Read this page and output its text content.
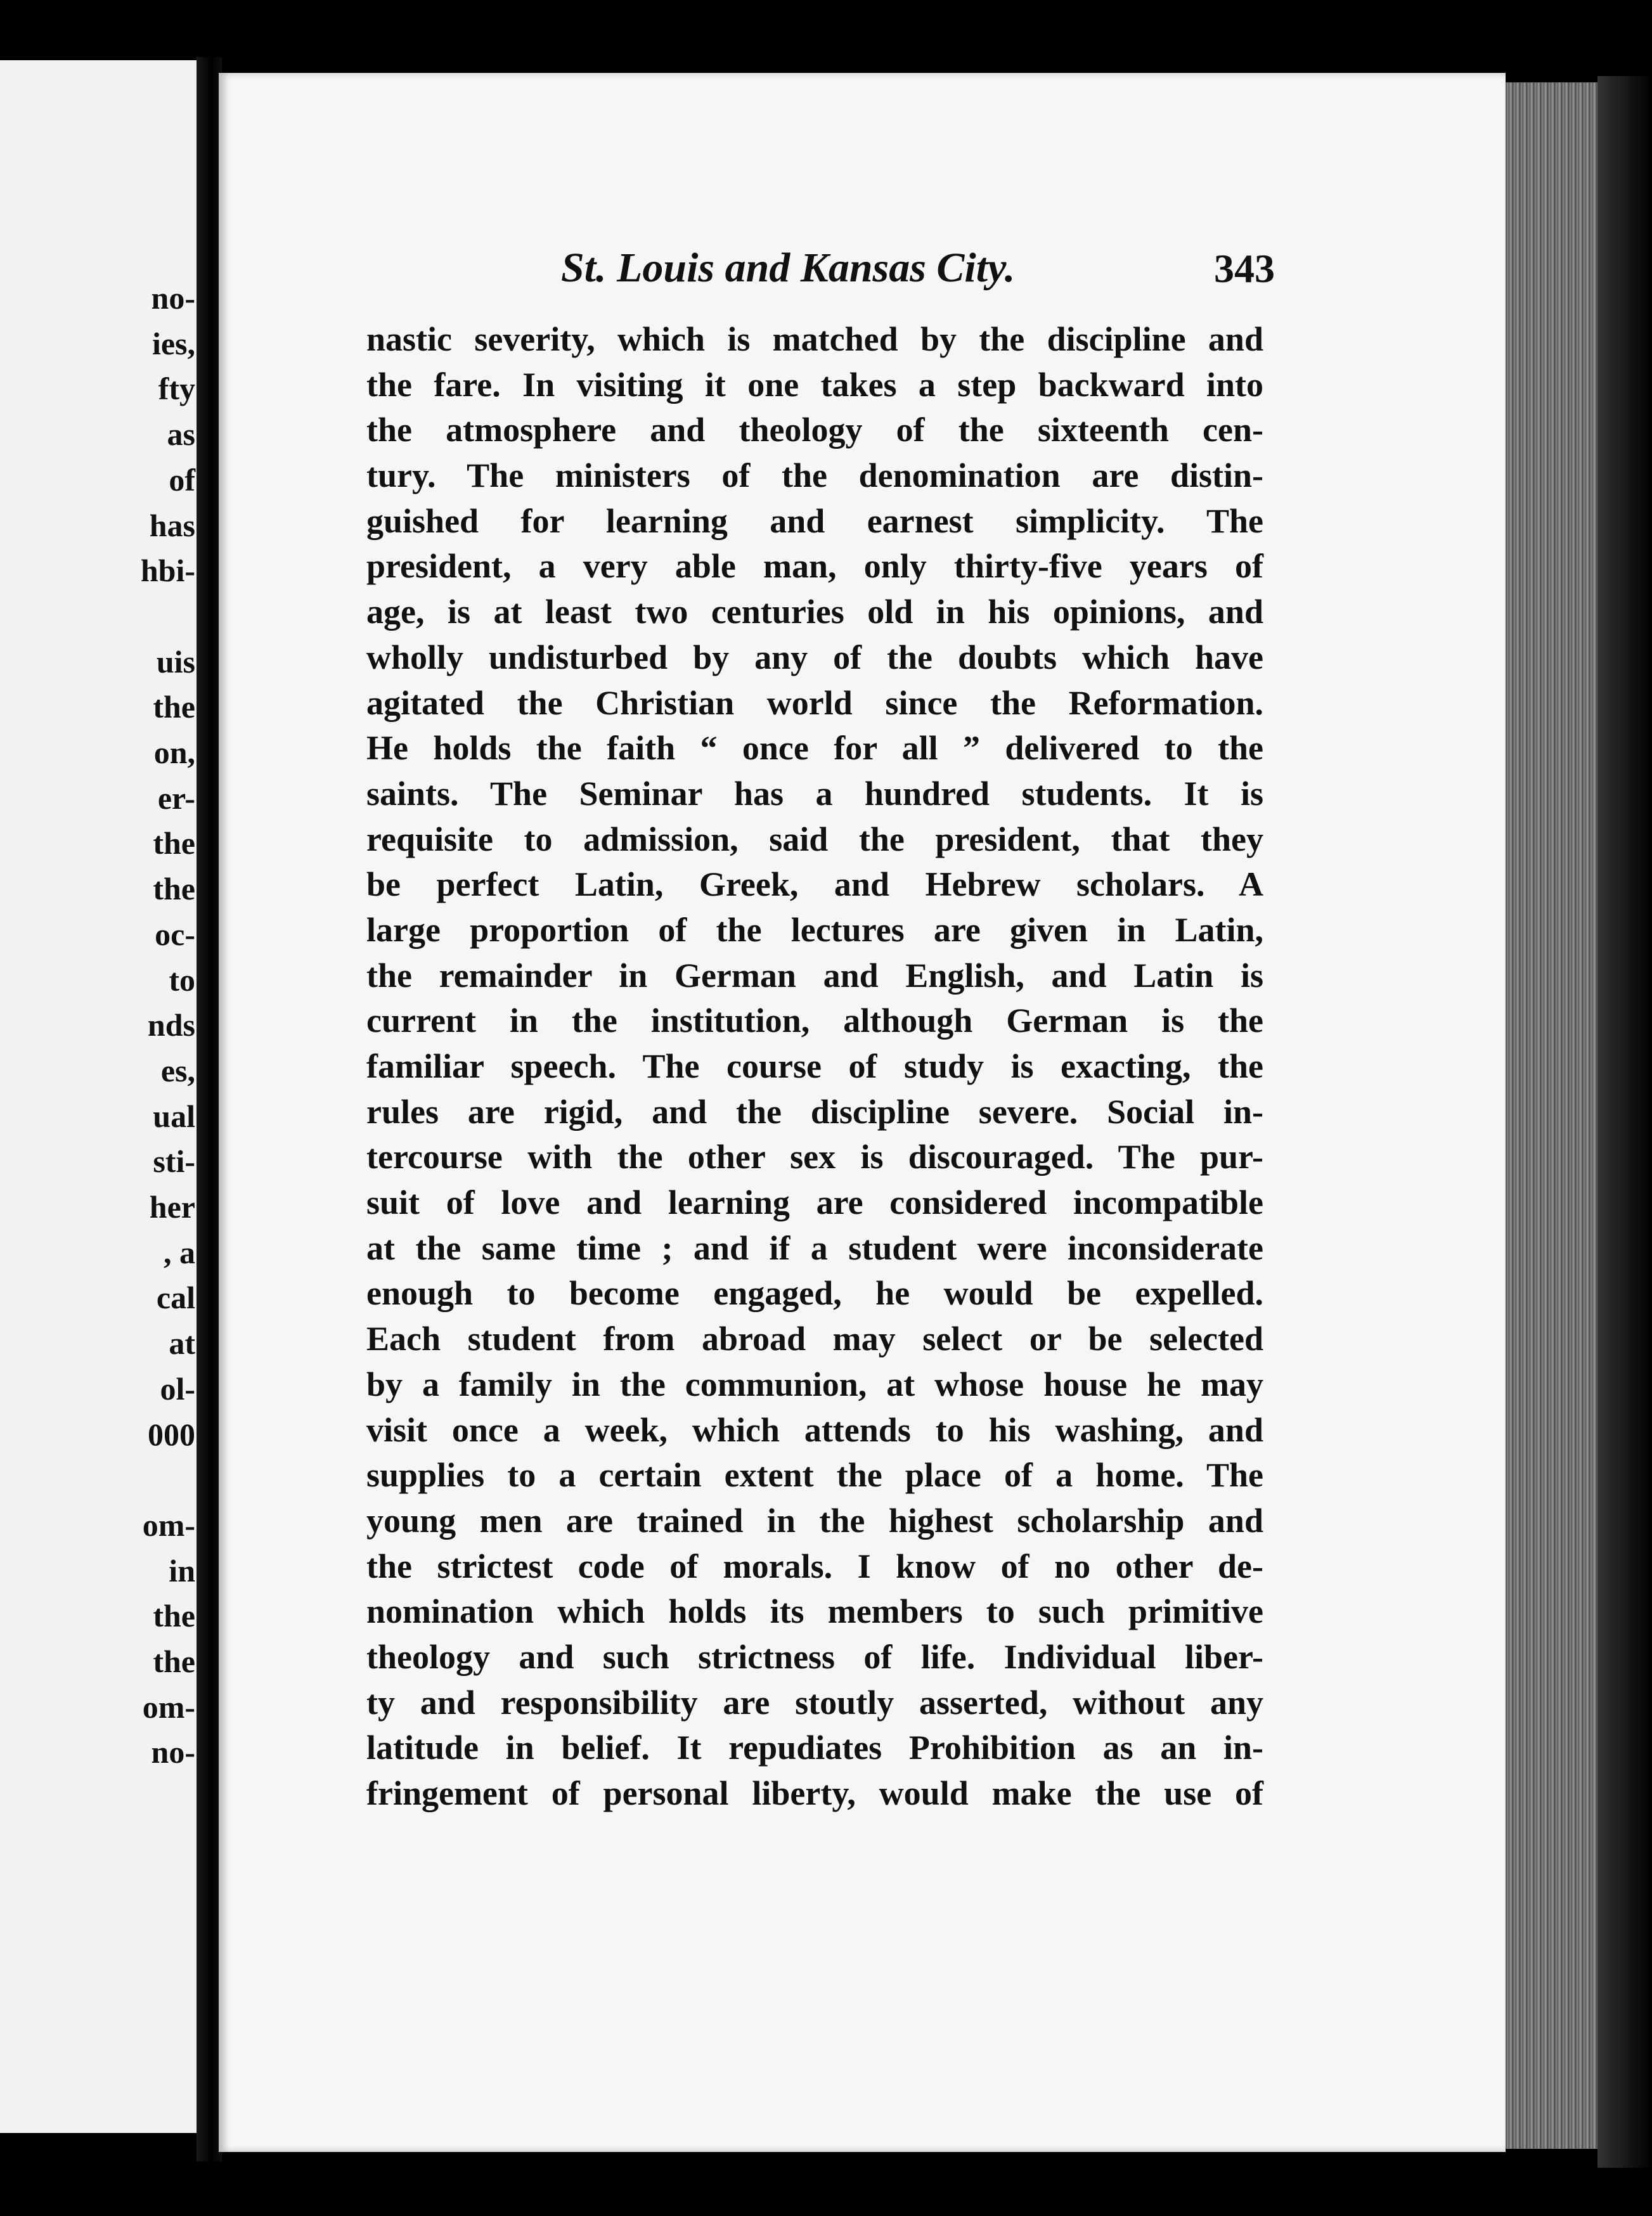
no-
ies,
fty
as
of
has
hbi-
uis
the
on,
er-
the
the
oc-
to
nds
es,
ual
sti-
her
, a
cal
at
ol-
000
om-
in
the
the
om-
no-
St. Louis and Kansas City.	343
nastic severity, which is matched by the discipline and
the fare. In visiting it one takes a step backward into
the atmosphere and theology of the sixteenth cen-
tury. The ministers of the denomination are distin-
guished for learning and earnest simplicity. The
president, a very able man, only thirty-five years of
age, is at least two centuries old in his opinions, and
wholly undisturbed by any of the doubts which have
agitated the Christian world since the Reformation.
He holds the faith “ once for all ” delivered to the
saints. The Seminar has a hundred students. It is
requisite to admission, said the president, that they
be perfect Latin, Greek, and Hebrew scholars. A
large proportion of the lectures are given in Latin,
the remainder in German and English, and Latin is
current in the institution, although German is the
familiar speech. The course of study is exacting, the
rules are rigid, and the discipline severe. Social in-
tercourse with the other sex is discouraged. The pur-
suit of love and learning are considered incompatible
at the same time ; and if a student were inconsiderate
enough to become engaged, he would be expelled.
Each student from abroad may select or be selected
by a family in the communion, at whose house he may
visit once a week, which attends to his washing, and
supplies to a certain extent the place of a home. The
young men are trained in the highest scholarship and
the strictest code of morals. I know of no other de-
nomination which holds its members to such primitive
theology and such strictness of life. Individual liber-
ty and responsibility are stoutly asserted, without any
latitude in belief. It repudiates Prohibition as an in-
fringement of personal liberty, would make the use of
